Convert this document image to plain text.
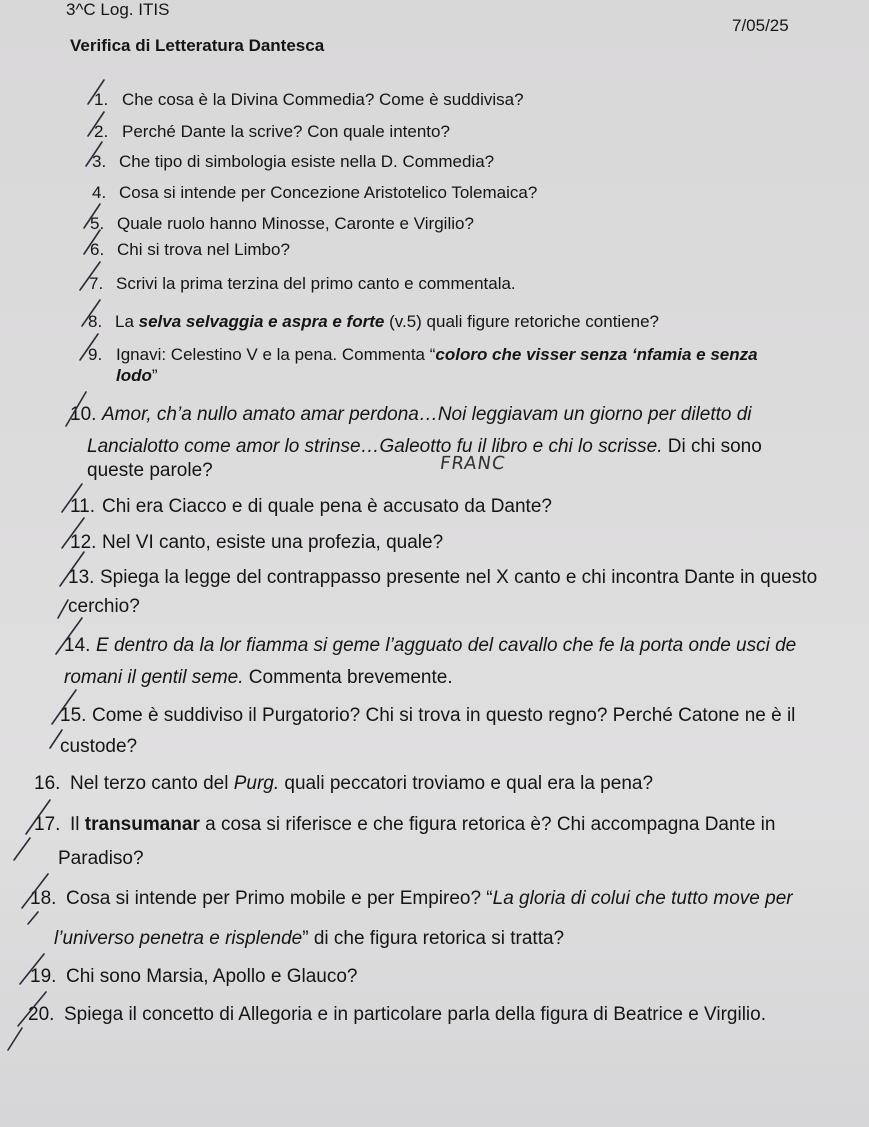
3^C Log. ITIS
7/05/25
Verifica di Letteratura Dantesca
1. Che cosa è la Divina Commedia? Come è suddivisa?
2. Perché Dante la scrive? Con quale intento?
3. Che tipo di simbologia esiste nella D. Commedia?
4. Cosa si intende per Concezione Aristotelico Tolemaica?
5. Quale ruolo hanno Minosse, Caronte e Virgilio?
6. Chi si trova nel Limbo?
7. Scrivi la prima terzina del primo canto e commentala.
8. La selva selvaggia e aspra e forte (v.5) quali figure retoriche contiene?
9. Ignavi: Celestino V e la pena. Commenta “coloro che visser senza ‘nfamia e senza
lodo”
10. Amor, ch’a nullo amato amar perdona…Noi leggiavam un giorno per diletto di
Lancialotto come amor lo strinse…Galeotto fu il libro e chi lo scrisse. Di chi sono
queste parole?	FRANC
11. Chi era Ciacco e di quale pena è accusato da Dante?
12. Nel VI canto, esiste una profezia, quale?
13. Spiega la legge del contrappasso presente nel X canto e chi incontra Dante in questo
cerchio?
14. E dentro da la lor fiamma si geme l’agguato del cavallo che fe la porta onde usci de
romani il gentil seme. Commenta brevemente.
15. Come è suddiviso il Purgatorio? Chi si trova in questo regno? Perché Catone ne è il
custode?
16. Nel terzo canto del Purg. quali peccatori troviamo e qual era la pena?
17. Il transumanar a cosa si riferisce e che figura retorica è? Chi accompagna Dante in
Paradiso?
18. Cosa si intende per Primo mobile e per Empireo? “La gloria di colui che tutto move per
l’universo penetra e risplende” di che figura retorica si tratta?
19. Chi sono Marsia, Apollo e Glauco?
20. Spiega il concetto di Allegoria e in particolare parla della figura di Beatrice e Virgilio.
